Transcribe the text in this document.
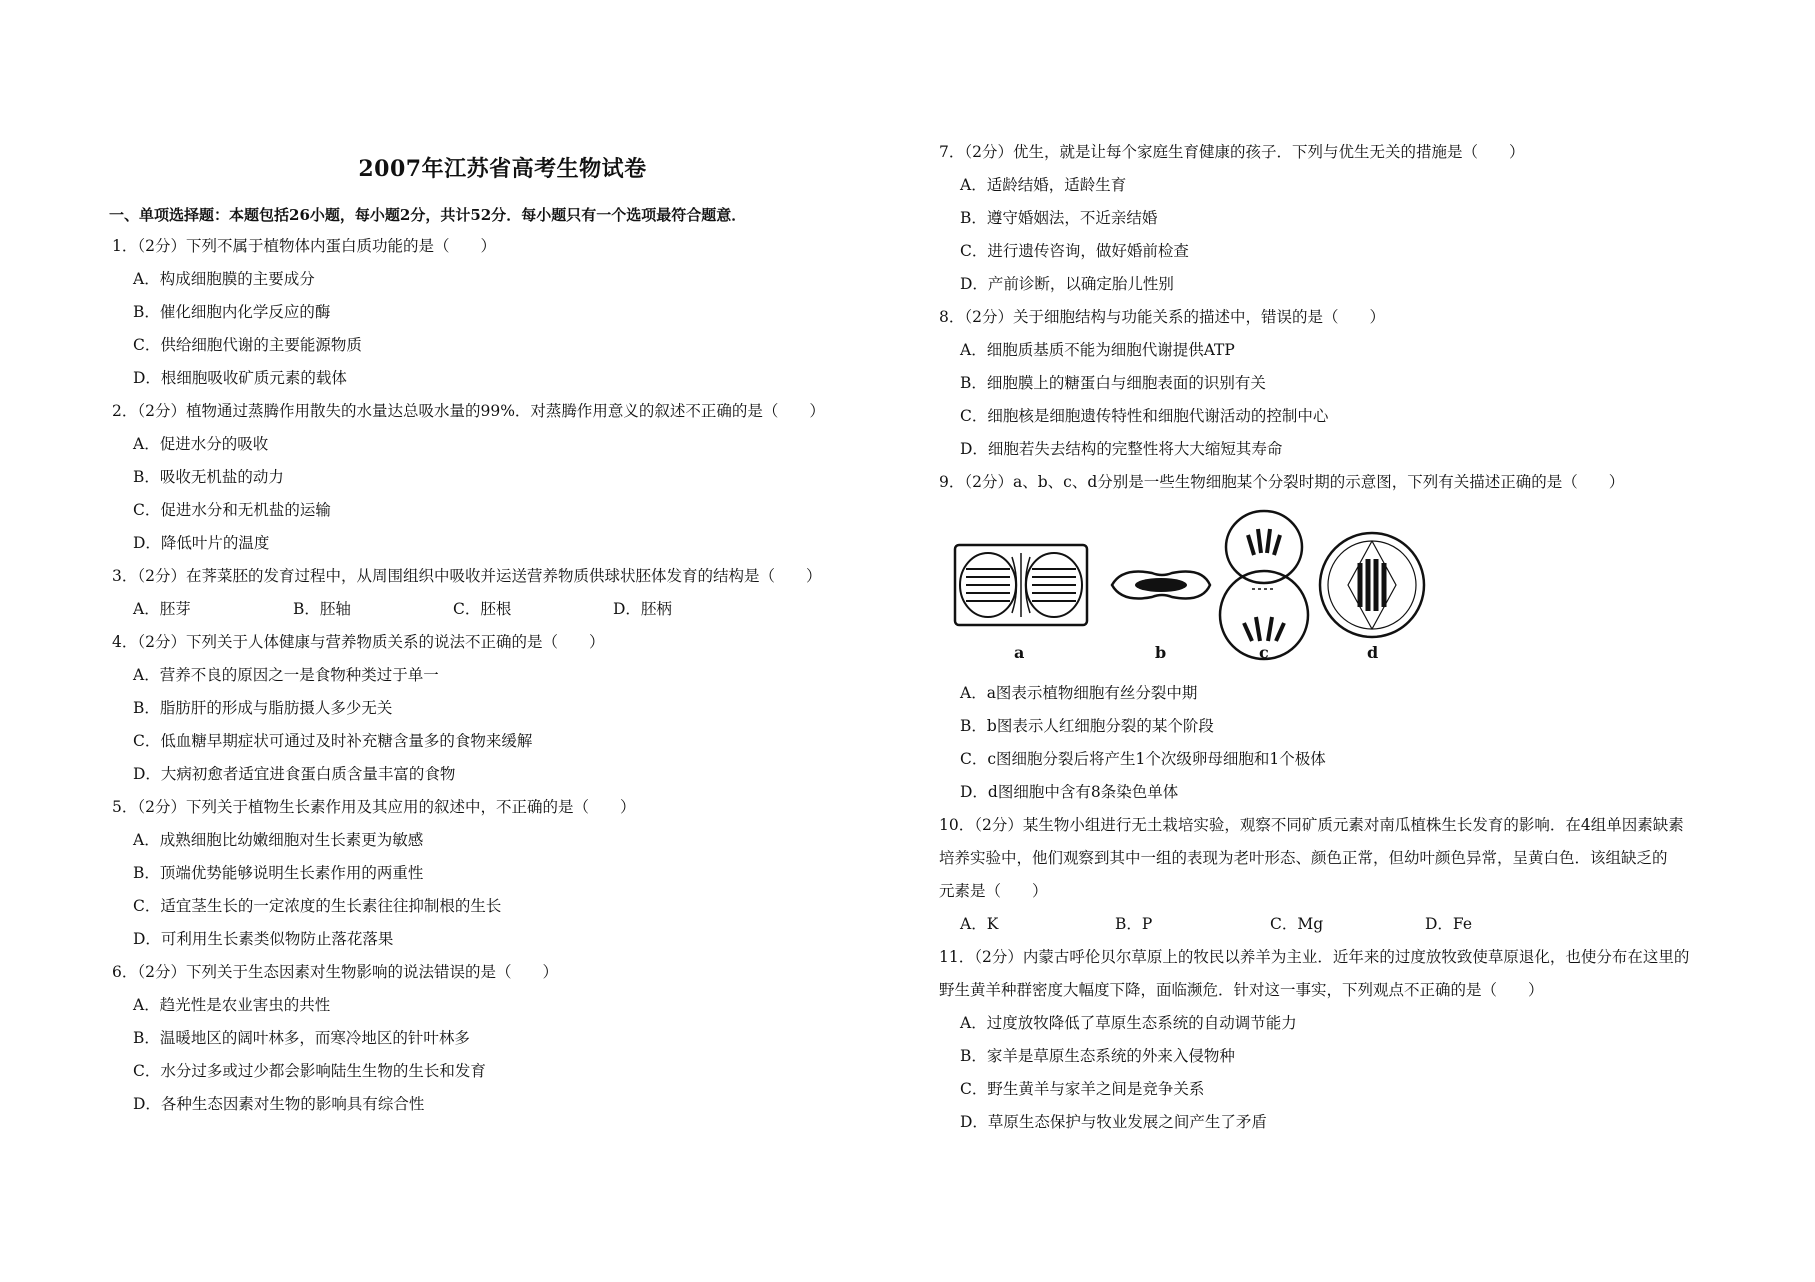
2007年江苏省高考生物试卷
一、单项选择题：本题包括26小题，每小题2分，共计52分．每小题只有一个选项最符合题意．
1．（2分）下列不属于植物体内蛋白质功能的是（　　）
A．构成细胞膜的主要成分
B．催化细胞内化学反应的酶
C．供给细胞代谢的主要能源物质
D．根细胞吸收矿质元素的载体
2．（2分）植物通过蒸腾作用散失的水量达总吸水量的99%．对蒸腾作用意义的叙述不正确的是（　　）
A．促进水分的吸收
B．吸收无机盐的动力
C．促进水分和无机盐的运输
D．降低叶片的温度
3．（2分）在荠菜胚的发育过程中，从周围组织中吸收并运送营养物质供球状胚体发育的结构是（　　）
A．胚芽	B．胚轴	C．胚根	D．胚柄
4．（2分）下列关于人体健康与营养物质关系的说法不正确的是（　　）
A．营养不良的原因之一是食物种类过于单一
B．脂肪肝的形成与脂肪摄人多少无关
C．低血糖早期症状可通过及时补充糖含量多的食物来缓解
D．大病初愈者适宜进食蛋白质含量丰富的食物
5．（2分）下列关于植物生长素作用及其应用的叙述中，不正确的是（　　）
A．成熟细胞比幼嫩细胞对生长素更为敏感
B．顶端优势能够说明生长素作用的两重性
C．适宜茎生长的一定浓度的生长素往往抑制根的生长
D．可利用生长素类似物防止落花落果
6．（2分）下列关于生态因素对生物影响的说法错误的是（　　）
A．趋光性是农业害虫的共性
B．温暖地区的阔叶林多，而寒冷地区的针叶林多
C．水分过多或过少都会影响陆生生物的生长和发育
D．各种生态因素对生物的影响具有综合性
7．（2分）优生，就是让每个家庭生育健康的孩子．下列与优生无关的措施是（　　）
A．适龄结婚，适龄生育
B．遵守婚姻法，不近亲结婚
C．进行遗传咨询，做好婚前检查
D．产前诊断，以确定胎儿性别
8．（2分）关于细胞结构与功能关系的描述中，错误的是（　　）
A．细胞质基质不能为细胞代谢提供ATP
B．细胞膜上的糖蛋白与细胞表面的识别有关
C．细胞核是细胞遗传特性和细胞代谢活动的控制中心
D．细胞若失去结构的完整性将大大缩短其寿命
9．（2分）a、b、c、d分别是一些生物细胞某个分裂时期的示意图，下列有关描述正确的是（　　）
a	b	c	d
A．a图表示植物细胞有丝分裂中期
B．b图表示人红细胞分裂的某个阶段
C．c图细胞分裂后将产生1个次级卵母细胞和1个极体
D．d图细胞中含有8条染色单体
10．（2分）某生物小组进行无土栽培实验，观察不同矿质元素对南瓜植株生长发育的影响．在4组单因素缺素
培养实验中，他们观察到其中一组的表现为老叶形态、颜色正常，但幼叶颜色异常，呈黄白色．该组缺乏的
元素是（　　）
A．K	B．P	C．Mg	D．Fe
11．（2分）内蒙古呼伦贝尔草原上的牧民以养羊为主业．近年来的过度放牧致使草原退化，也使分布在这里的
野生黄羊种群密度大幅度下降，面临濒危．针对这一事实，下列观点不正确的是（　　）
A．过度放牧降低了草原生态系统的自动调节能力
B．家羊是草原生态系统的外来入侵物种
C．野生黄羊与家羊之间是竞争关系
D．草原生态保护与牧业发展之间产生了矛盾
